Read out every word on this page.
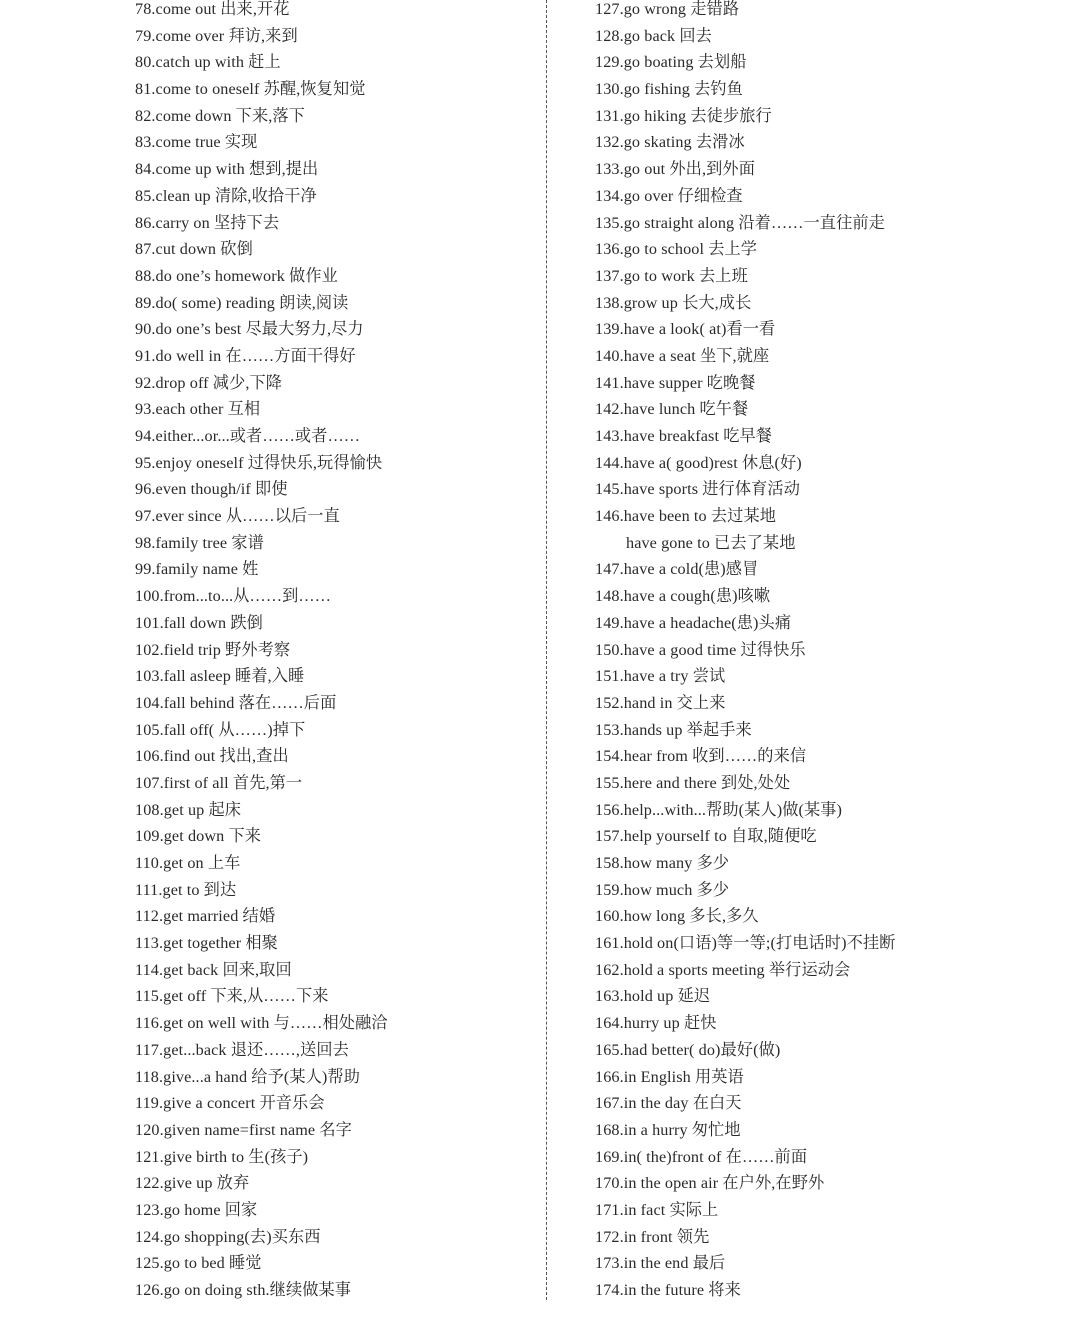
78.come out 出来,开花
79.come over 拜访,来到
80.catch up with 赶上
81.come to oneself 苏醒,恢复知觉
82.come down 下来,落下
83.come true 实现
84.come up with 想到,提出
85.clean up 清除,收拾干净
86.carry on 坚持下去
87.cut down 砍倒
88.do one’s homework 做作业
89.do( some) reading 朗读,阅读
90.do one’s best 尽最大努力,尽力
91.do well in 在……方面干得好
92.drop off 减少,下降
93.each other 互相
94.either...or...或者……或者……
95.enjoy oneself 过得快乐,玩得愉快
96.even though/if 即使
97.ever since 从……以后一直
98.family tree 家谱
99.family name 姓
100.from...to...从……到……
101.fall down 跌倒
102.field trip 野外考察
103.fall asleep 睡着,入睡
104.fall behind 落在……后面
105.fall off( 从……)掉下
106.find out 找出,查出
107.first of all 首先,第一
108.get up 起床
109.get down 下来
110.get on 上车
111.get to 到达
112.get married 结婚
113.get together 相聚
114.get back 回来,取回
115.get off 下来,从……下来
116.get on well with 与……相处融洽
117.get...back 退还……,送回去
118.give...a hand 给予(某人)帮助
119.give a concert 开音乐会
120.given name=first name 名字
121.give birth to 生(孩子)
122.give up 放弃
123.go home 回家
124.go shopping(去)买东西
125.go to bed 睡觉
126.go on doing sth.继续做某事
127.go wrong 走错路
128.go back 回去
129.go boating 去划船
130.go fishing 去钓鱼
131.go hiking 去徒步旅行
132.go skating 去滑冰
133.go out 外出,到外面
134.go over 仔细检查
135.go straight along 沿着……一直往前走
136.go to school 去上学
137.go to work 去上班
138.grow up 长大,成长
139.have a look( at)看一看
140.have a seat 坐下,就座
141.have supper 吃晚餐
142.have lunch 吃午餐
143.have breakfast 吃早餐
144.have a( good)rest 休息(好)
145.have sports 进行体育活动
146.have been to 去过某地
have gone to 已去了某地
147.have a cold(患)感冒
148.have a cough(患)咳嗽
149.have a headache(患)头痛
150.have a good time 过得快乐
151.have a try 尝试
152.hand in 交上来
153.hands up 举起手来
154.hear from 收到……的来信
155.here and there 到处,处处
156.help...with...帮助(某人)做(某事)
157.help yourself to 自取,随便吃
158.how many 多少
159.how much 多少
160.how long 多长,多久
161.hold on(口语)等一等;(打电话时)不挂断
162.hold a sports meeting 举行运动会
163.hold up 延迟
164.hurry up 赶快
165.had better( do)最好(做)
166.in English 用英语
167.in the day 在白天
168.in a hurry 匆忙地
169.in( the)front of 在……前面
170.in the open air 在户外,在野外
171.in fact 实际上
172.in front 领先
173.in the end 最后
174.in the future 将来
